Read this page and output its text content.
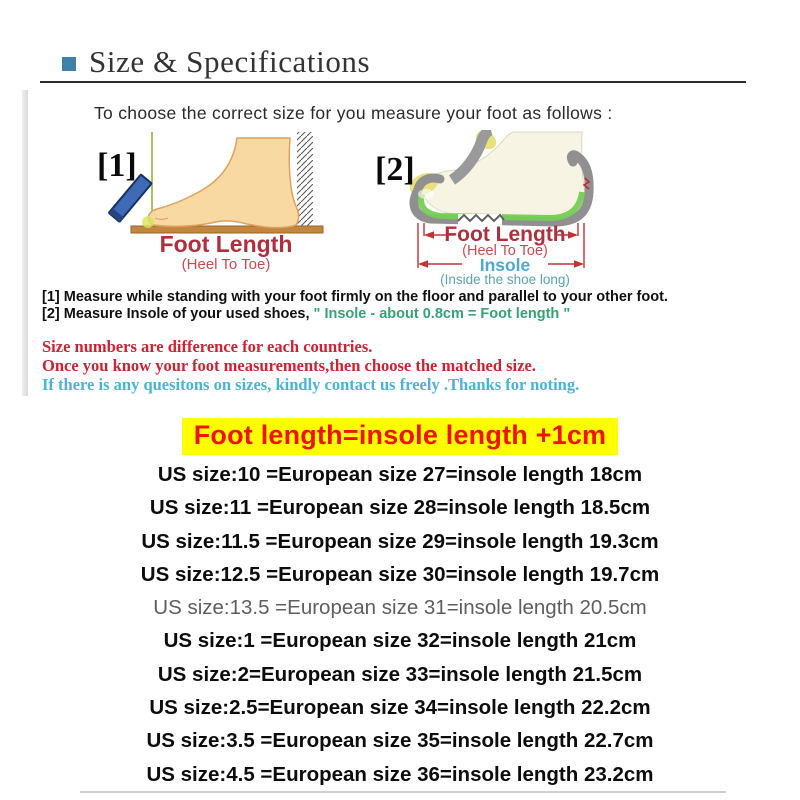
Size & Specifications
To choose the correct size for you measure your foot as follows :
[1]
Foot Length
(Heel To Toe)
[2]
Foot Length
(Heel To Toe)
Insole
(Inside the shoe long)
[1] Measure while standing with your foot firmly on the floor and parallel to your other foot.
[2] Measure Insole of your used shoes, " Insole - about 0.8cm = Foot length "
Size numbers are difference for each countries.
Once you know your foot measurements,then choose the matched size.
If there is any quesitons on sizes, kindly contact us freely .Thanks for noting.
Foot length=insole length +1cm
US size:10 =European size 27=insole length 18cm
US size:11 =European size 28=insole length 18.5cm
US size:11.5 =European size 29=insole length 19.3cm
US size:12.5 =European size 30=insole length 19.7cm
US size:13.5 =European size 31=insole length 20.5cm
US size:1 =European size 32=insole length 21cm
US size:2=European size 33=insole length 21.5cm
US size:2.5=European size 34=insole length 22.2cm
US size:3.5 =European size 35=insole length 22.7cm
US size:4.5 =European size 36=insole length 23.2cm
